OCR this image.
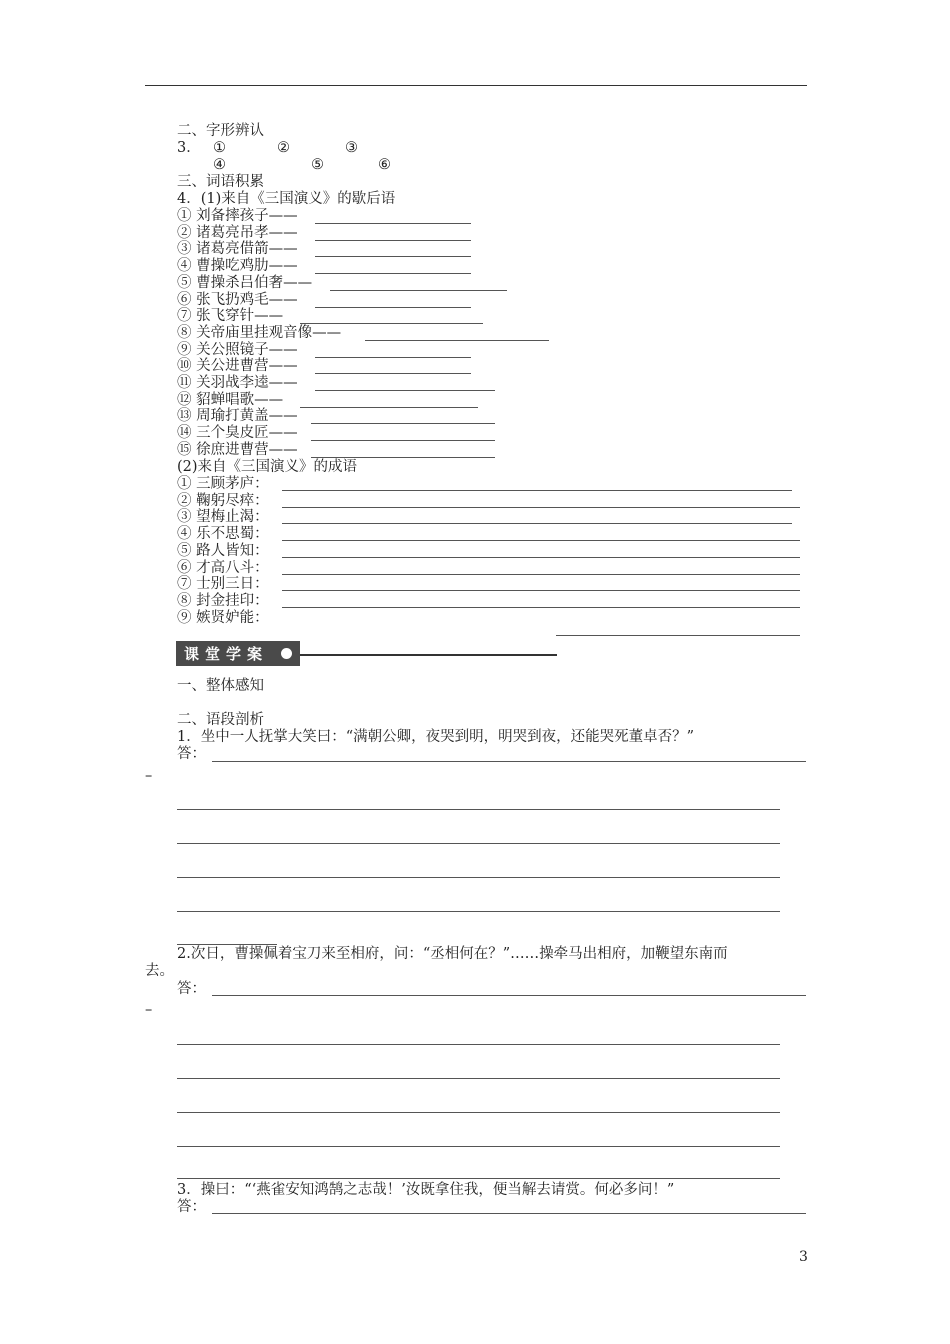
二、字形辨认
3． ①	②	③
④	⑤	⑥
三、词语积累
4．(1)来自《三国演义》的歇后语
① 刘备摔孩子——
② 诸葛亮吊孝——
③ 诸葛亮借箭——
④ 曹操吃鸡肋——
⑤ 曹操杀吕伯奢——
⑥ 张飞扔鸡毛——
⑦ 张飞穿针——
⑧ 关帝庙里挂观音像——
⑨ 关公照镜子——
⑩ 关公进曹营——
⑪ 关羽战李逵——
⑫ 貂蝉唱歌——
⑬ 周瑜打黄盖——
⑭ 三个臭皮匠——
⑮ 徐庶进曹营——
(2)来自《三国演义》的成语
① 三顾茅庐：
② 鞠躬尽瘁：
③ 望梅止渴：
④ 乐不思蜀：
⑤ 路人皆知：
⑥ 才高八斗：
⑦ 士别三日：
⑧ 封金挂印：
⑨ 嫉贤妒能：
课堂学案
一、整体感知
二、语段剖析
1．坐中一人抚掌大笑曰：“满朝公卿，夜哭到明，明哭到夜，还能哭死董卓否？”
答：
–
2.次日，曹操佩着宝刀来至相府，问：“丞相何在？”……操牵马出相府，加鞭望东南而
去。
答：
–
3．操曰：“‘燕雀安知鸿鹄之志哉！’汝既拿住我，便当解去请赏。何必多问！”
答：
3
